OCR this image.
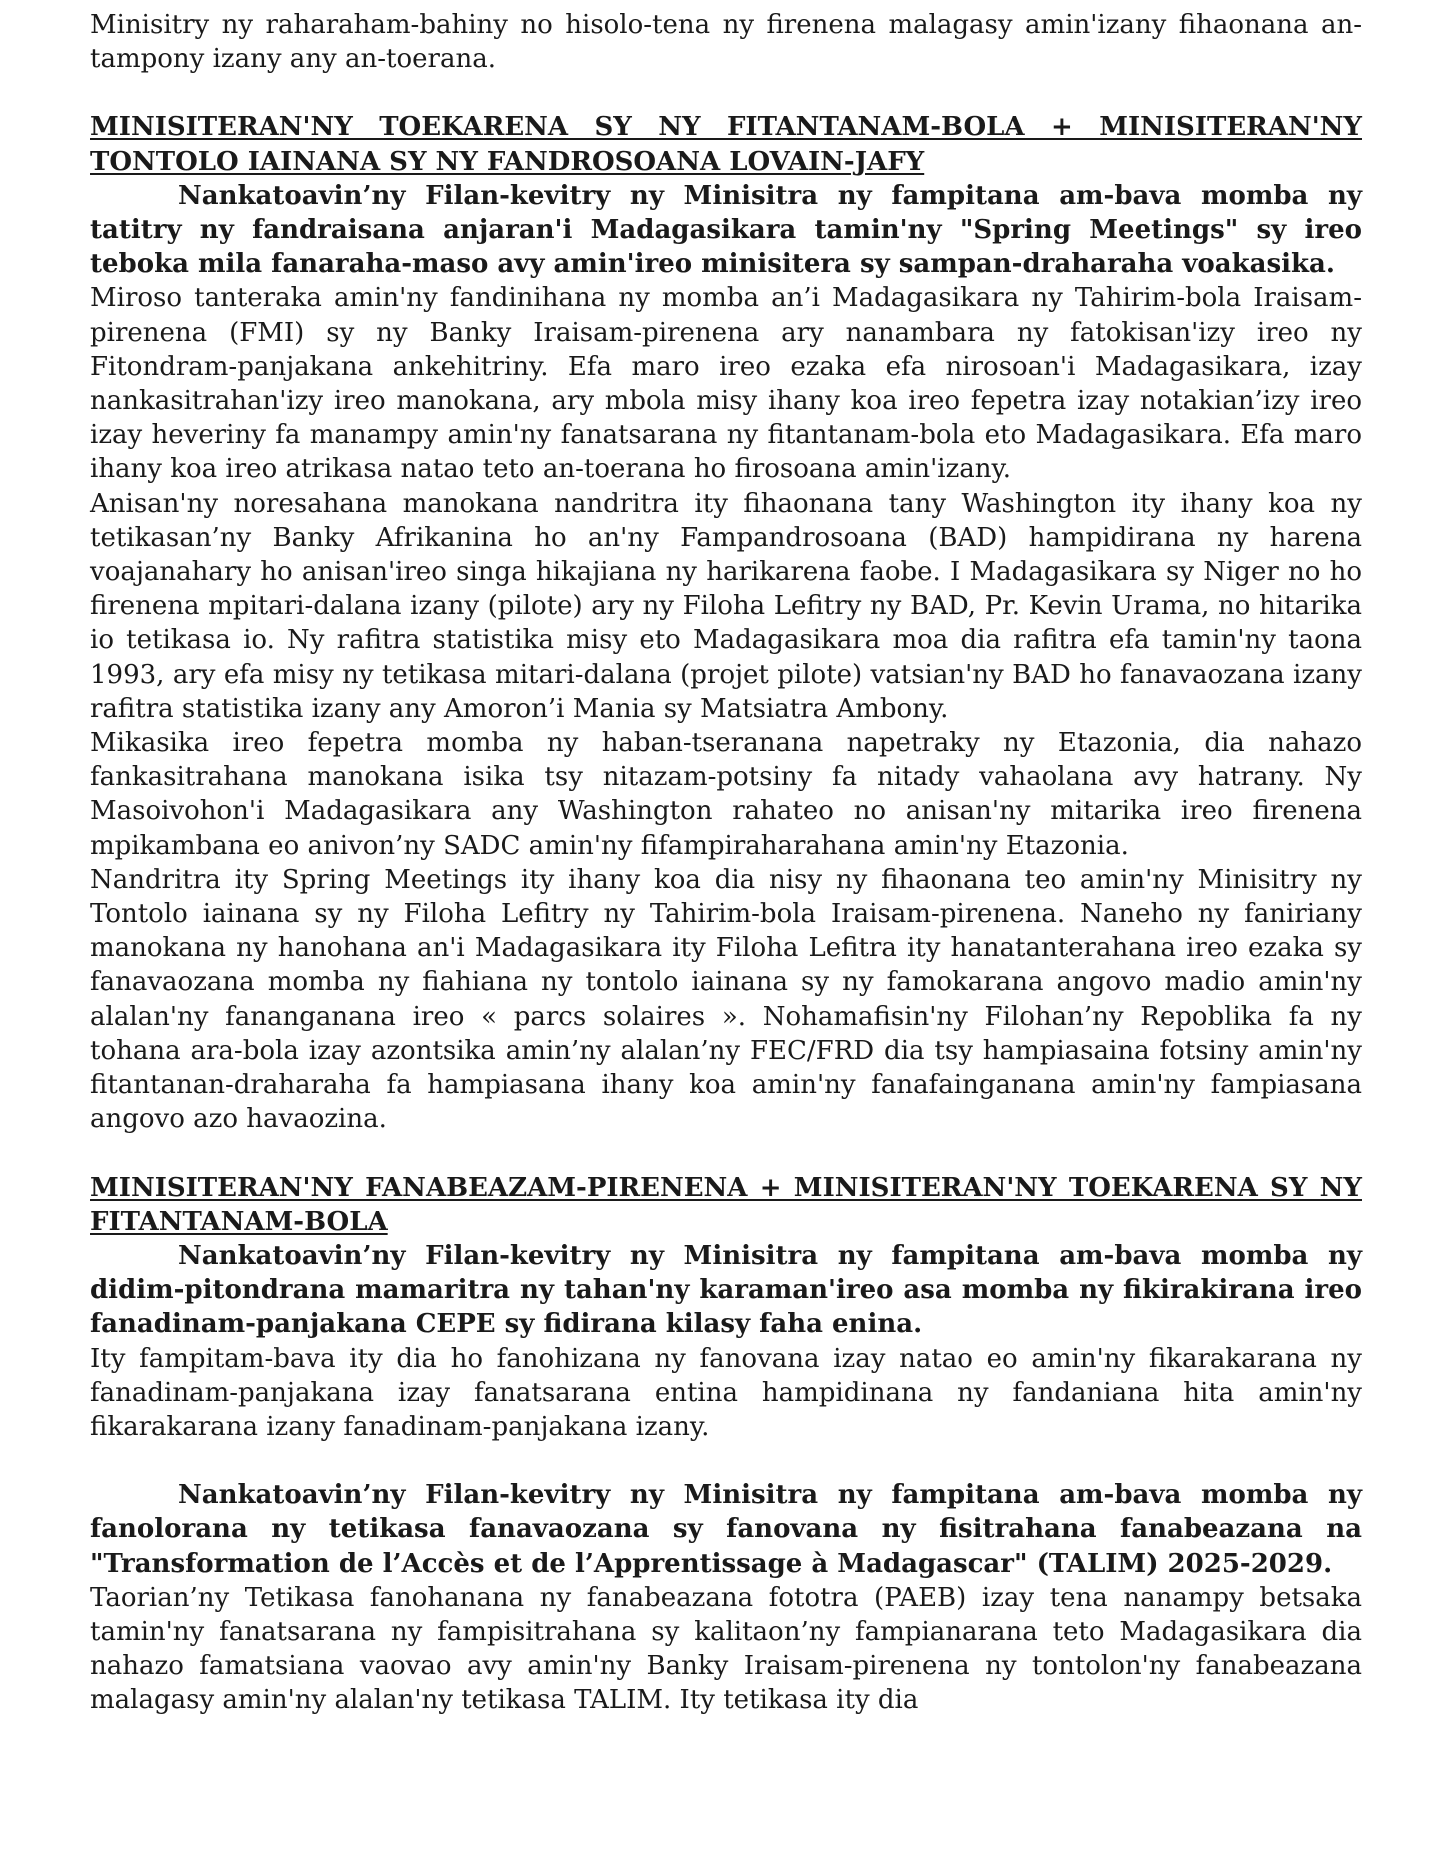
Minisitry ny raharaham-bahiny no hisolo-tena ny firenena malagasy amin'izany fihaonana an-tampony izany any an-toerana.

MINISITERAN'NY TOEKARENA SY NY FITANTANAM-BOLA + MINISITERAN'NY TONTOLO IAINANA SY NY FANDROSOANA LOVAIN-JAFY

Nankatoavin’ny Filan-kevitry ny Minisitra ny fampitana am-bava momba ny tatitry ny fandraisana anjaran'i Madagasikara tamin'ny "Spring Meetings" sy ireo teboka mila fanaraha-maso avy amin'ireo minisitera sy sampan-draharaha voakasika.

Miroso tanteraka amin'ny fandinihana ny momba an’i Madagasikara ny Tahirim-bola Iraisam-pirenena (FMI) sy ny Banky Iraisam-pirenena ary nanambara ny fatokisan'izy ireo ny Fitondram-panjakana ankehitriny. Efa maro ireo ezaka efa nirosoan'i Madagasikara, izay nankasitrahan'izy ireo manokana, ary mbola misy ihany koa ireo fepetra izay notakian’izy ireo izay heveriny fa manampy amin'ny fanatsarana ny fitantanam-bola eto Madagasikara. Efa maro ihany koa ireo atrikasa natao teto an-toerana ho firosoana amin'izany.

Anisan'ny noresahana manokana nandritra ity fihaonana tany Washington ity ihany koa ny tetikasan’ny Banky Afrikanina ho an'ny Fampandrosoana (BAD) hampidirana ny harena voajanahary ho anisan'ireo singa hikajiana ny harikarena faobe. I Madagasikara sy Niger no ho firenena mpitari-dalana izany (pilote) ary ny Filoha Lefitry ny BAD, Pr. Kevin Urama, no hitarika io tetikasa io. Ny rafitra statistika misy eto Madagasikara moa dia rafitra efa tamin'ny taona 1993, ary efa misy ny tetikasa mitari-dalana (projet pilote) vatsian'ny BAD ho fanavaozana izany rafitra statistika izany any Amoron’i Mania sy Matsiatra Ambony.

Mikasika ireo fepetra momba ny haban-tseranana napetraky ny Etazonia, dia nahazo fankasitrahana manokana isika tsy nitazam-potsiny fa nitady vahaolana avy hatrany. Ny Masoivohon'i Madagasikara any Washington rahateo no anisan'ny mitarika ireo firenena mpikambana eo anivon’ny SADC amin'ny fifampiraharahana amin'ny Etazonia.

Nandritra ity Spring Meetings ity ihany koa dia nisy ny fihaonana teo amin'ny Minisitry ny Tontolo iainana sy ny Filoha Lefitry ny Tahirim-bola Iraisam-pirenena. Naneho ny faniriany manokana ny hanohana an'i Madagasikara ity Filoha Lefitra ity hanatanterahana ireo ezaka sy fanavaozana momba ny fiahiana ny tontolo iainana sy ny famokarana angovo madio amin'ny alalan'ny fananganana ireo « parcs solaires ». Nohamafisin'ny Filohan’ny Repoblika fa ny tohana ara-bola izay azontsika amin’ny alalan’ny FEC/FRD dia tsy hampiasaina fotsiny amin'ny fitantanan-draharaha fa hampiasana ihany koa amin'ny fanafainganana amin'ny fampiasana angovo azo havaozina.

MINISITERAN'NY FANABEAZAM-PIRENENA + MINISITERAN'NY TOEKARENA SY NY FITANTANAM-BOLA

Nankatoavin’ny Filan-kevitry ny Minisitra ny fampitana am-bava momba ny didim-pitondrana mamaritra ny tahan'ny karaman'ireo asa momba ny fikirakirana ireo fanadinam-panjakana CEPE sy fidirana kilasy faha enina.

Ity fampitam-bava ity dia ho fanohizana ny fanovana izay natao eo amin'ny fikarakarana ny fanadinam-panjakana izay fanatsarana entina hampidinana ny fandaniana hita amin'ny fikarakarana izany fanadinam-panjakana izany.

Nankatoavin’ny Filan-kevitry ny Minisitra ny fampitana am-bava momba ny fanolorana ny tetikasa fanavaozana sy fanovana ny fisitrahana fanabeazana na "Transformation de l’Accès et de l’Apprentissage à Madagascar" (TALIM) 2025-2029.

Taorian’ny Tetikasa fanohanana ny fanabeazana fototra (PAEB) izay tena nanampy betsaka tamin'ny fanatsarana ny fampisitrahana sy kalitaon’ny fampianarana teto Madagasikara dia nahazo famatsiana vaovao avy amin'ny Banky Iraisam-pirenena ny tontolon'ny fanabeazana malagasy amin'ny alalan'ny tetikasa TALIM. Ity tetikasa ity dia
